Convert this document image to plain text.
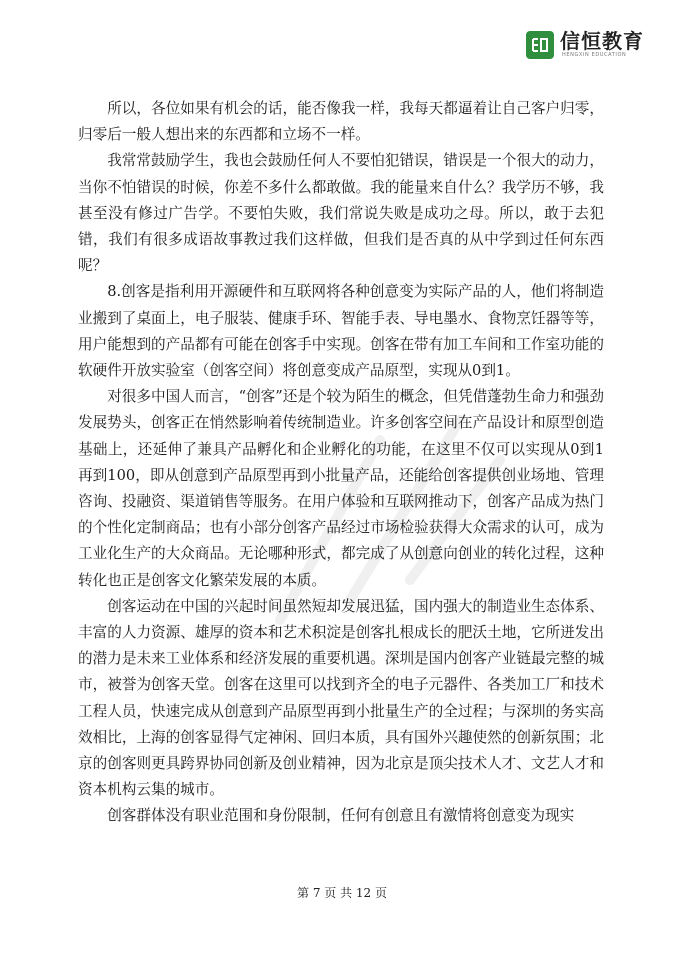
信恒教育
HENGXIN EDUCATION

所以，各位如果有机会的话，能否像我一样，我每天都逼着让自己客户归零，归零后一般人想出来的东西都和立场不一样。

我常常鼓励学生，我也会鼓励任何人不要怕犯错误，错误是一个很大的动力，当你不怕错误的时候，你差不多什么都敢做。我的能量来自什么？我学历不够，我甚至没有修过广告学。不要怕失败，我们常说失败是成功之母。所以，敢于去犯错，我们有很多成语故事教过我们这样做，但我们是否真的从中学到过任何东西呢？

8.创客是指利用开源硬件和互联网将各种创意变为实际产品的人，他们将制造业搬到了桌面上，电子服装、健康手环、智能手表、导电墨水、食物烹饪器等等，用户能想到的产品都有可能在创客手中实现。创客在带有加工车间和工作室功能的软硬件开放实验室（创客空间）将创意变成产品原型，实现从0到1。

对很多中国人而言，“创客”还是个较为陌生的概念，但凭借蓬勃生命力和强劲发展势头，创客正在悄然影响着传统制造业。许多创客空间在产品设计和原型创造基础上，还延伸了兼具产品孵化和企业孵化的功能，在这里不仅可以实现从0到1再到100，即从创意到产品原型再到小批量产品，还能给创客提供创业场地、管理咨询、投融资、渠道销售等服务。在用户体验和互联网推动下，创客产品成为热门的个性化定制商品；也有小部分创客产品经过市场检验获得大众需求的认可，成为工业化生产的大众商品。无论哪种形式，都完成了从创意向创业的转化过程，这种转化也正是创客文化繁荣发展的本质。

创客运动在中国的兴起时间虽然短却发展迅猛，国内强大的制造业生态体系、丰富的人力资源、雄厚的资本和艺术积淀是创客扎根成长的肥沃土地，它所迸发出的潜力是未来工业体系和经济发展的重要机遇。深圳是国内创客产业链最完整的城市，被誉为创客天堂。创客在这里可以找到齐全的电子元器件、各类加工厂和技术工程人员，快速完成从创意到产品原型再到小批量生产的全过程；与深圳的务实高效相比，上海的创客显得气定神闲、回归本质，具有国外兴趣使然的创新氛围；北京的创客则更具跨界协同创新及创业精神，因为北京是顶尖技术人才、文艺人才和资本机构云集的城市。

创客群体没有职业范围和身份限制，任何有创意且有激情将创意变为现实

第 7 页 共 12 页
